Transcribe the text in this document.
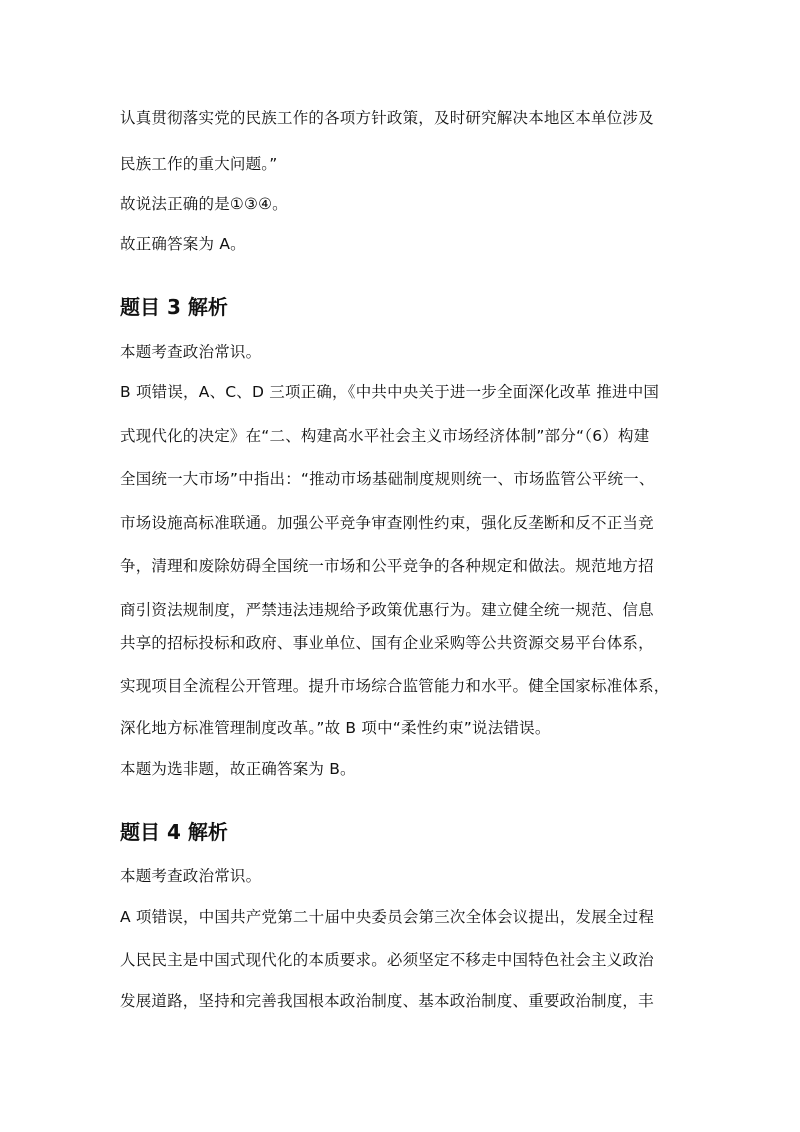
认真贯彻落实党的民族工作的各项方针政策，及时研究解决本地区本单位涉及
民族工作的重大问题。”
故说法正确的是①③④。
故正确答案为 A。
题目 3 解析
本题考查政治常识。
B 项错误，A、C、D 三项正确，《中共中央关于进一步全面深化改革 推进中国
式现代化的决定》在“二、构建高水平社会主义市场经济体制”部分“（6）构建
全国统一大市场”中指出：“推动市场基础制度规则统一、市场监管公平统一、
市场设施高标准联通。加强公平竞争审查刚性约束，强化反垄断和反不正当竞
争，清理和废除妨碍全国统一市场和公平竞争的各种规定和做法。规范地方招
商引资法规制度，严禁违法违规给予政策优惠行为。建立健全统一规范、信息
共享的招标投标和政府、事业单位、国有企业采购等公共资源交易平台体系，
实现项目全流程公开管理。提升市场综合监管能力和水平。健全国家标准体系，
深化地方标准管理制度改革。”故 B 项中“柔性约束”说法错误。
本题为选非题，故正确答案为 B。
题目 4 解析
本题考查政治常识。
A 项错误，中国共产党第二十届中央委员会第三次全体会议提出，发展全过程
人民民主是中国式现代化的本质要求。必须坚定不移走中国特色社会主义政治
发展道路，坚持和完善我国根本政治制度、基本政治制度、重要政治制度，丰
